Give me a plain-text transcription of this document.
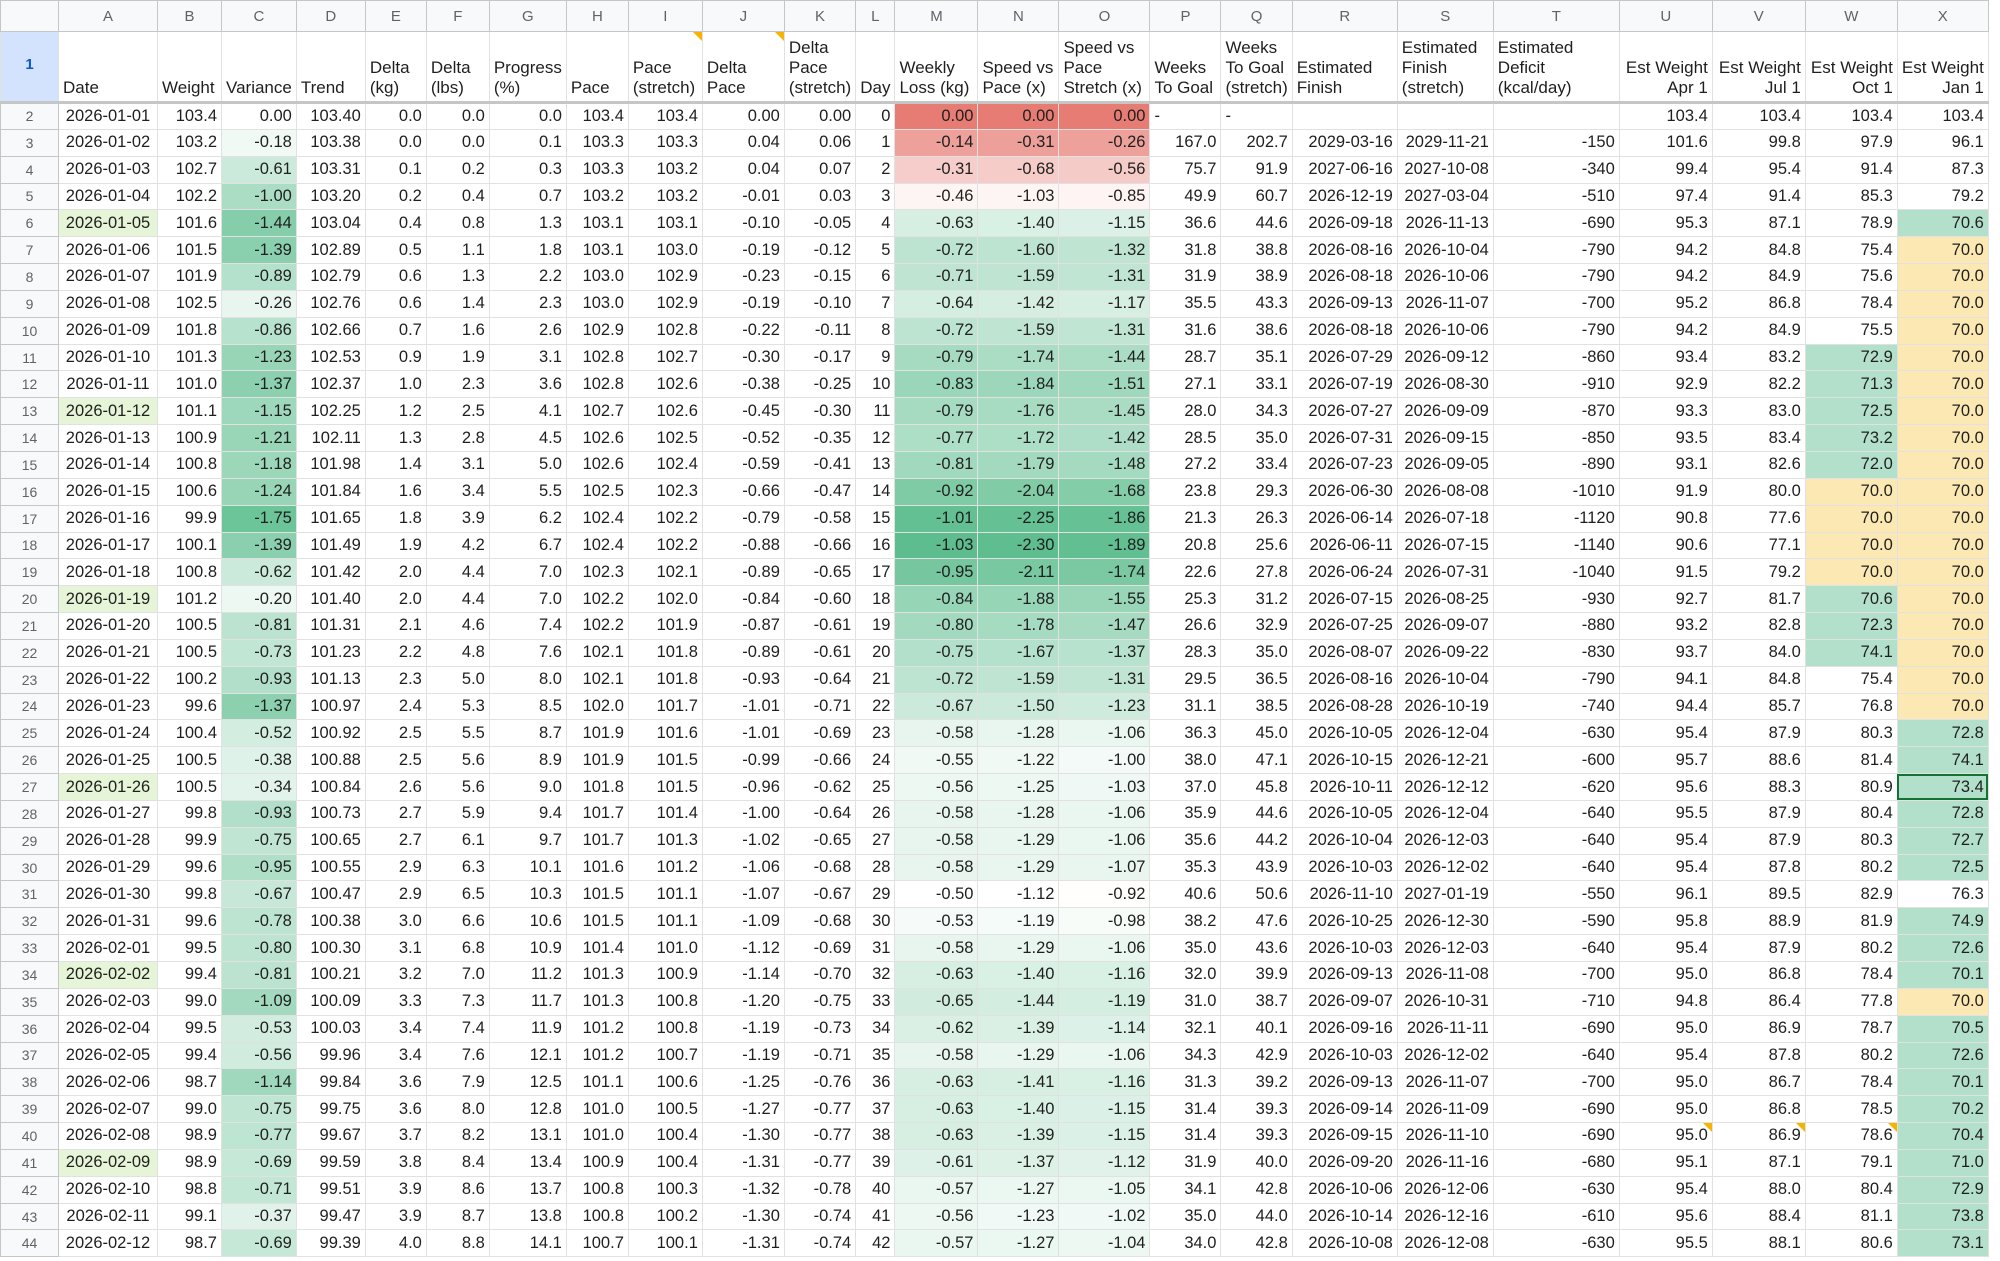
	A	B	C	D	E	F	G	H	I	J	K	L	M	N	O	P	Q	R	S	T	U	V	W	X
1	Date	Weight	Variance	Trend	Delta (kg)	Delta (lbs)	Progress (%)	Pace	Pace (stretch)	Delta Pace	Delta Pace (stretch)	Day	Weekly Loss (kg)	Speed vs Pace (x)	Speed vs Pace Stretch (x)	Weeks To Goal	Weeks To Goal (stretch)	Estimated Finish	Estimated Finish (stretch)	Estimated Deficit (kcal/day)	Est Weight Apr 1	Est Weight Jul 1	Est Weight Oct 1	Est Weight Jan 1
2	2026-01-01	103.4	0.00	103.40	0.0	0.0	0.0	103.4	103.4	0.00	0.00	0	0.00	0.00	0.00	-	-				103.4	103.4	103.4	103.4
3	2026-01-02	103.2	-0.18	103.38	0.0	0.0	0.1	103.3	103.3	0.04	0.06	1	-0.14	-0.31	-0.26	167.0	202.7	2029-03-16	2029-11-21	-150	101.6	99.8	97.9	96.1
4	2026-01-03	102.7	-0.61	103.31	0.1	0.2	0.3	103.3	103.2	0.04	0.07	2	-0.31	-0.68	-0.56	75.7	91.9	2027-06-16	2027-10-08	-340	99.4	95.4	91.4	87.3
5	2026-01-04	102.2	-1.00	103.20	0.2	0.4	0.7	103.2	103.2	-0.01	0.03	3	-0.46	-1.03	-0.85	49.9	60.7	2026-12-19	2027-03-04	-510	97.4	91.4	85.3	79.2
6	2026-01-05	101.6	-1.44	103.04	0.4	0.8	1.3	103.1	103.1	-0.10	-0.05	4	-0.63	-1.40	-1.15	36.6	44.6	2026-09-18	2026-11-13	-690	95.3	87.1	78.9	70.6
7	2026-01-06	101.5	-1.39	102.89	0.5	1.1	1.8	103.1	103.0	-0.19	-0.12	5	-0.72	-1.60	-1.32	31.8	38.8	2026-08-16	2026-10-04	-790	94.2	84.8	75.4	70.0
8	2026-01-07	101.9	-0.89	102.79	0.6	1.3	2.2	103.0	102.9	-0.23	-0.15	6	-0.71	-1.59	-1.31	31.9	38.9	2026-08-18	2026-10-06	-790	94.2	84.9	75.6	70.0
9	2026-01-08	102.5	-0.26	102.76	0.6	1.4	2.3	103.0	102.9	-0.19	-0.10	7	-0.64	-1.42	-1.17	35.5	43.3	2026-09-13	2026-11-07	-700	95.2	86.8	78.4	70.0
10	2026-01-09	101.8	-0.86	102.66	0.7	1.6	2.6	102.9	102.8	-0.22	-0.11	8	-0.72	-1.59	-1.31	31.6	38.6	2026-08-18	2026-10-06	-790	94.2	84.9	75.5	70.0
11	2026-01-10	101.3	-1.23	102.53	0.9	1.9	3.1	102.8	102.7	-0.30	-0.17	9	-0.79	-1.74	-1.44	28.7	35.1	2026-07-29	2026-09-12	-860	93.4	83.2	72.9	70.0
12	2026-01-11	101.0	-1.37	102.37	1.0	2.3	3.6	102.8	102.6	-0.38	-0.25	10	-0.83	-1.84	-1.51	27.1	33.1	2026-07-19	2026-08-30	-910	92.9	82.2	71.3	70.0
13	2026-01-12	101.1	-1.15	102.25	1.2	2.5	4.1	102.7	102.6	-0.45	-0.30	11	-0.79	-1.76	-1.45	28.0	34.3	2026-07-27	2026-09-09	-870	93.3	83.0	72.5	70.0
14	2026-01-13	100.9	-1.21	102.11	1.3	2.8	4.5	102.6	102.5	-0.52	-0.35	12	-0.77	-1.72	-1.42	28.5	35.0	2026-07-31	2026-09-15	-850	93.5	83.4	73.2	70.0
15	2026-01-14	100.8	-1.18	101.98	1.4	3.1	5.0	102.6	102.4	-0.59	-0.41	13	-0.81	-1.79	-1.48	27.2	33.4	2026-07-23	2026-09-05	-890	93.1	82.6	72.0	70.0
16	2026-01-15	100.6	-1.24	101.84	1.6	3.4	5.5	102.5	102.3	-0.66	-0.47	14	-0.92	-2.04	-1.68	23.8	29.3	2026-06-30	2026-08-08	-1010	91.9	80.0	70.0	70.0
17	2026-01-16	99.9	-1.75	101.65	1.8	3.9	6.2	102.4	102.2	-0.79	-0.58	15	-1.01	-2.25	-1.86	21.3	26.3	2026-06-14	2026-07-18	-1120	90.8	77.6	70.0	70.0
18	2026-01-17	100.1	-1.39	101.49	1.9	4.2	6.7	102.4	102.2	-0.88	-0.66	16	-1.03	-2.30	-1.89	20.8	25.6	2026-06-11	2026-07-15	-1140	90.6	77.1	70.0	70.0
19	2026-01-18	100.8	-0.62	101.42	2.0	4.4	7.0	102.3	102.1	-0.89	-0.65	17	-0.95	-2.11	-1.74	22.6	27.8	2026-06-24	2026-07-31	-1040	91.5	79.2	70.0	70.0
20	2026-01-19	101.2	-0.20	101.40	2.0	4.4	7.0	102.2	102.0	-0.84	-0.60	18	-0.84	-1.88	-1.55	25.3	31.2	2026-07-15	2026-08-25	-930	92.7	81.7	70.6	70.0
21	2026-01-20	100.5	-0.81	101.31	2.1	4.6	7.4	102.2	101.9	-0.87	-0.61	19	-0.80	-1.78	-1.47	26.6	32.9	2026-07-25	2026-09-07	-880	93.2	82.8	72.3	70.0
22	2026-01-21	100.5	-0.73	101.23	2.2	4.8	7.6	102.1	101.8	-0.89	-0.61	20	-0.75	-1.67	-1.37	28.3	35.0	2026-08-07	2026-09-22	-830	93.7	84.0	74.1	70.0
23	2026-01-22	100.2	-0.93	101.13	2.3	5.0	8.0	102.1	101.8	-0.93	-0.64	21	-0.72	-1.59	-1.31	29.5	36.5	2026-08-16	2026-10-04	-790	94.1	84.8	75.4	70.0
24	2026-01-23	99.6	-1.37	100.97	2.4	5.3	8.5	102.0	101.7	-1.01	-0.71	22	-0.67	-1.50	-1.23	31.1	38.5	2026-08-28	2026-10-19	-740	94.4	85.7	76.8	70.0
25	2026-01-24	100.4	-0.52	100.92	2.5	5.5	8.7	101.9	101.6	-1.01	-0.69	23	-0.58	-1.28	-1.06	36.3	45.0	2026-10-05	2026-12-04	-630	95.4	87.9	80.3	72.8
26	2026-01-25	100.5	-0.38	100.88	2.5	5.6	8.9	101.9	101.5	-0.99	-0.66	24	-0.55	-1.22	-1.00	38.0	47.1	2026-10-15	2026-12-21	-600	95.7	88.6	81.4	74.1
27	2026-01-26	100.5	-0.34	100.84	2.6	5.6	9.0	101.8	101.5	-0.96	-0.62	25	-0.56	-1.25	-1.03	37.0	45.8	2026-10-11	2026-12-12	-620	95.6	88.3	80.9	73.4
28	2026-01-27	99.8	-0.93	100.73	2.7	5.9	9.4	101.7	101.4	-1.00	-0.64	26	-0.58	-1.28	-1.06	35.9	44.6	2026-10-05	2026-12-04	-640	95.5	87.9	80.4	72.8
29	2026-01-28	99.9	-0.75	100.65	2.7	6.1	9.7	101.7	101.3	-1.02	-0.65	27	-0.58	-1.29	-1.06	35.6	44.2	2026-10-04	2026-12-03	-640	95.4	87.9	80.3	72.7
30	2026-01-29	99.6	-0.95	100.55	2.9	6.3	10.1	101.6	101.2	-1.06	-0.68	28	-0.58	-1.29	-1.07	35.3	43.9	2026-10-03	2026-12-02	-640	95.4	87.8	80.2	72.5
31	2026-01-30	99.8	-0.67	100.47	2.9	6.5	10.3	101.5	101.1	-1.07	-0.67	29	-0.50	-1.12	-0.92	40.6	50.6	2026-11-10	2027-01-19	-550	96.1	89.5	82.9	76.3
32	2026-01-31	99.6	-0.78	100.38	3.0	6.6	10.6	101.5	101.1	-1.09	-0.68	30	-0.53	-1.19	-0.98	38.2	47.6	2026-10-25	2026-12-30	-590	95.8	88.9	81.9	74.9
33	2026-02-01	99.5	-0.80	100.30	3.1	6.8	10.9	101.4	101.0	-1.12	-0.69	31	-0.58	-1.29	-1.06	35.0	43.6	2026-10-03	2026-12-03	-640	95.4	87.9	80.2	72.6
34	2026-02-02	99.4	-0.81	100.21	3.2	7.0	11.2	101.3	100.9	-1.14	-0.70	32	-0.63	-1.40	-1.16	32.0	39.9	2026-09-13	2026-11-08	-700	95.0	86.8	78.4	70.1
35	2026-02-03	99.0	-1.09	100.09	3.3	7.3	11.7	101.3	100.8	-1.20	-0.75	33	-0.65	-1.44	-1.19	31.0	38.7	2026-09-07	2026-10-31	-710	94.8	86.4	77.8	70.0
36	2026-02-04	99.5	-0.53	100.03	3.4	7.4	11.9	101.2	100.8	-1.19	-0.73	34	-0.62	-1.39	-1.14	32.1	40.1	2026-09-16	2026-11-11	-690	95.0	86.9	78.7	70.5
37	2026-02-05	99.4	-0.56	99.96	3.4	7.6	12.1	101.2	100.7	-1.19	-0.71	35	-0.58	-1.29	-1.06	34.3	42.9	2026-10-03	2026-12-02	-640	95.4	87.8	80.2	72.6
38	2026-02-06	98.7	-1.14	99.84	3.6	7.9	12.5	101.1	100.6	-1.25	-0.76	36	-0.63	-1.41	-1.16	31.3	39.2	2026-09-13	2026-11-07	-700	95.0	86.7	78.4	70.1
39	2026-02-07	99.0	-0.75	99.75	3.6	8.0	12.8	101.0	100.5	-1.27	-0.77	37	-0.63	-1.40	-1.15	31.4	39.3	2026-09-14	2026-11-09	-690	95.0	86.8	78.5	70.2
40	2026-02-08	98.9	-0.77	99.67	3.7	8.2	13.1	101.0	100.4	-1.30	-0.77	38	-0.63	-1.39	-1.15	31.4	39.3	2026-09-15	2026-11-10	-690	95.0	86.9	78.6	70.4
41	2026-02-09	98.9	-0.69	99.59	3.8	8.4	13.4	100.9	100.4	-1.31	-0.77	39	-0.61	-1.37	-1.12	31.9	40.0	2026-09-20	2026-11-16	-680	95.1	87.1	79.1	71.0
42	2026-02-10	98.8	-0.71	99.51	3.9	8.6	13.7	100.8	100.3	-1.32	-0.78	40	-0.57	-1.27	-1.05	34.1	42.8	2026-10-06	2026-12-06	-630	95.4	88.0	80.4	72.9
43	2026-02-11	99.1	-0.37	99.47	3.9	8.7	13.8	100.8	100.2	-1.30	-0.74	41	-0.56	-1.23	-1.02	35.0	44.0	2026-10-14	2026-12-16	-610	95.6	88.4	81.1	73.8
44	2026-02-12	98.7	-0.69	99.39	4.0	8.8	14.1	100.7	100.1	-1.31	-0.74	42	-0.57	-1.27	-1.04	34.0	42.8	2026-10-08	2026-12-08	-630	95.5	88.1	80.6	73.1
